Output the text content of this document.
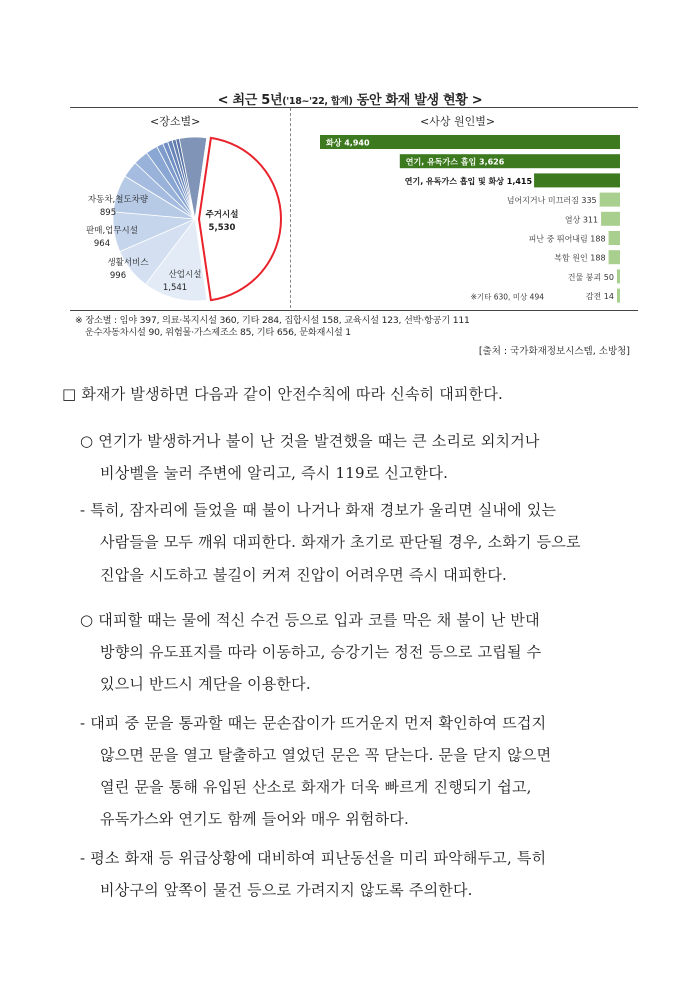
< 최근 5년('18~'22, 합계) 동안 화재 발생 현황 >
<장소별>	<사상 원인별>
주거시설
5,530
산업시설
1,541
생활서비스
996
판매,업무시설
964
자동차,철도차량
895
화상 4,940
연기, 유독가스 흡입 3,626
연기, 유독가스 흡입 및 화상 1,415
넘어지거나 미끄러짐 335
열상 311
피난 중 뛰어내림 188
복합 원인 188
건물 붕괴 50
감전 14
※기타 630, 미상 494
※ 장소별 : 임야 397, 의료·복지시설 360, 기타 284, 집합시설 158, 교육시설 123, 선박·항공기 111
운수자동차시설 90, 위험물·가스제조소 85, 기타 656, 문화재시설 1
[출처 : 국가화재정보시스템, 소방청]
□ 화재가 발생하면 다음과 같이 안전수칙에 따라 신속히 대피한다.
○ 연기가 발생하거나 불이 난 것을 발견했을 때는 큰 소리로 외치거나
비상벨을 눌러 주변에 알리고, 즉시 119로 신고한다.
- 특히, 잠자리에 들었을 때 불이 나거나 화재 경보가 울리면 실내에 있는
사람들을 모두 깨워 대피한다. 화재가 초기로 판단될 경우, 소화기 등으로
진압을 시도하고 불길이 커져 진압이 어려우면 즉시 대피한다.
○ 대피할 때는 물에 적신 수건 등으로 입과 코를 막은 채 불이 난 반대
방향의 유도표지를 따라 이동하고, 승강기는 정전 등으로 고립될 수
있으니 반드시 계단을 이용한다.
- 대피 중 문을 통과할 때는 문손잡이가 뜨거운지 먼저 확인하여 뜨겁지
않으면 문을 열고 탈출하고 열었던 문은 꼭 닫는다. 문을 닫지 않으면
열린 문을 통해 유입된 산소로 화재가 더욱 빠르게 진행되기 쉽고,
유독가스와 연기도 함께 들어와 매우 위험하다.
- 평소 화재 등 위급상황에 대비하여 피난동선을 미리 파악해두고, 특히
비상구의 앞쪽이 물건 등으로 가려지지 않도록 주의한다.
